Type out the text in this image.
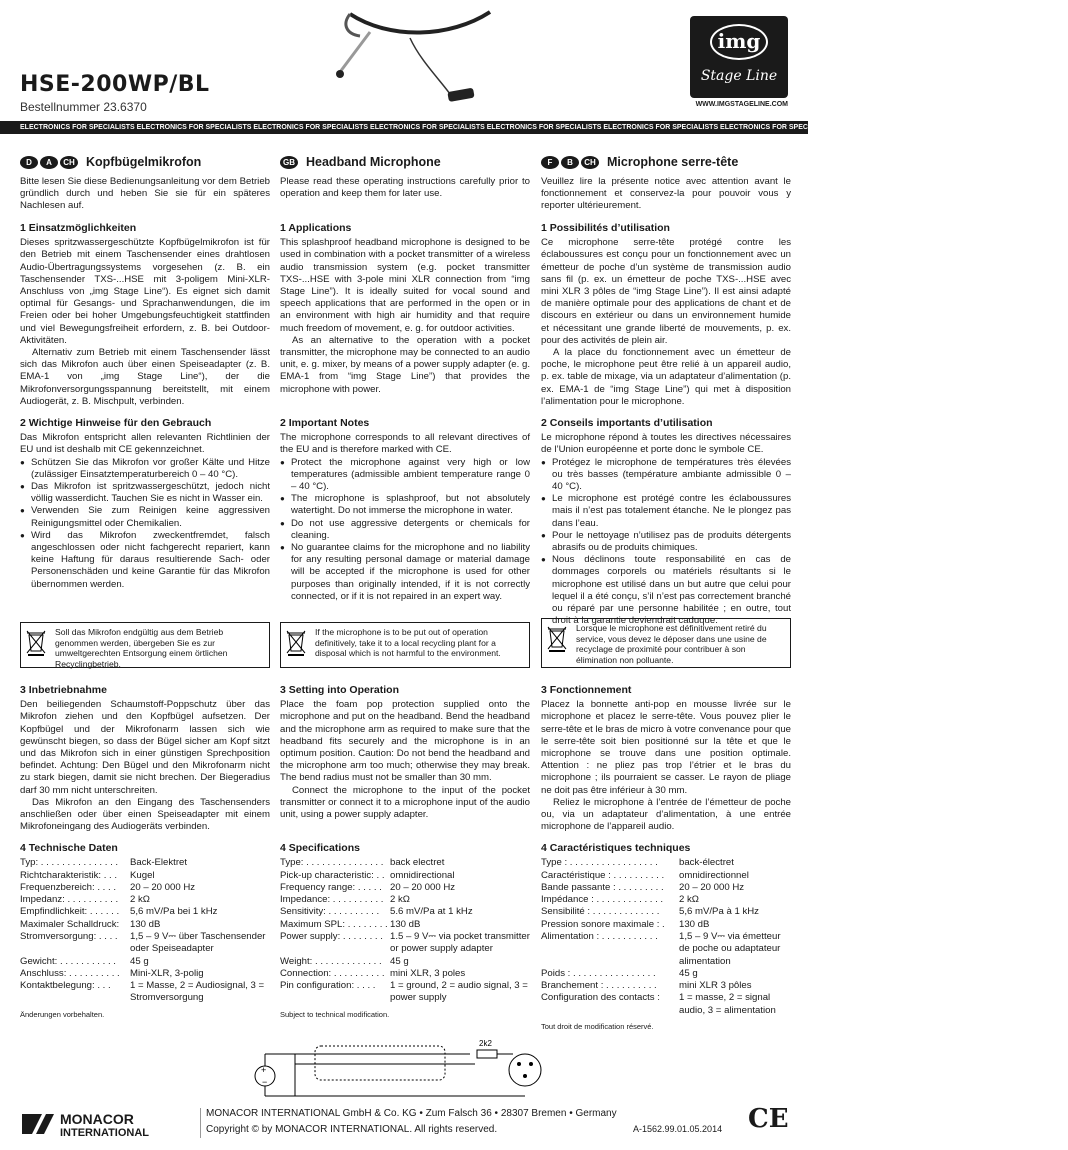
HSE-200WP/BL
Bestellnummer 23.6370
img
Stage Line
WWW.IMGSTAGELINE.COM
ELECTRONICS FOR SPECIALISTS ELECTRONICS FOR SPECIALISTS ELECTRONICS FOR SPECIALISTS ELECTRONICS FOR SPECIALISTS ELECTRONICS FOR SPECIALISTS ELECTRONICS FOR SPECIALISTS ELECTRONICS FOR SPECIALISTS ELECTRONICS FOR SPECIALISTS ELECTRONICS FOR SPECIALISTS
D	A	CH Kopfbügelmikrofon

Bitte lesen Sie diese Bedienungsanleitung vor dem Betrieb gründlich durch und heben Sie sie für ein späteres Nachlesen auf.

1 Einsatzmöglichkeiten

Dieses spritzwassergeschützte Kopfbügelmikrofon ist für den Betrieb mit einem Taschensender eines drahtlosen Audio-Übertragungssystems vorgesehen (z. B. ein Taschensender TXS-...HSE mit 3-poligem Mini-XLR-Anschluss von „img Stage Line“). Es eignet sich damit optimal für Gesangs- und Sprachanwendungen, die im Freien oder bei hoher Umgebungsfeuchtigkeit stattfinden und viel Bewegungsfreiheit erfordern, z. B. bei Outdoor-Aktivitäten.

Alternativ zum Betrieb mit einem Taschensender lässt sich das Mikrofon auch über einen Speiseadapter (z. B. EMA-1 von „img Stage Line“), der die Mikrofonversorgungsspannung bereitstellt, mit einem Audiogerät, z. B. Mischpult, verbinden.

2 Wichtige Hinweise für den Gebrauch

Das Mikrofon entspricht allen relevanten Richtlinien der EU und ist deshalb mit CE gekennzeichnet.

● Schützen Sie das Mikrofon vor großer Kälte und Hitze (zulässiger Einsatztemperaturbereich 0 – 40 °C).
● Das Mikrofon ist spritzwassergeschützt, jedoch nicht völlig wasserdicht. Tauchen Sie es nicht in Wasser ein.
● Verwenden Sie zum Reinigen keine aggressiven Reinigungsmittel oder Chemikalien.
● Wird das Mikrofon zweckentfremdet, falsch angeschlossen oder nicht fachgerecht repariert, kann keine Haftung für daraus resultierende Sach- oder Personenschäden und keine Garantie für das Mikrofon übernommen werden.
Soll das Mikrofon endgültig aus dem Betrieb genommen werden, übergeben Sie es zur umweltgerechten Entsorgung einem örtlichen Recyclingbetrieb.
3 Inbetriebnahme

Den beiliegenden Schaumstoff-Poppschutz über das Mikrofon ziehen und den Kopfbügel aufsetzen. Der Kopfbügel und der Mikrofonarm lassen sich wie gewünscht biegen, so dass der Bügel sicher am Kopf sitzt und das Mikrofon sich in einer günstigen Sprechposition befindet. Achtung: Den Bügel und den Mikrofonarm nicht zu stark biegen, damit sie nicht brechen. Der Biegeradius darf 30 mm nicht unterschreiten.

Das Mikrofon an den Eingang des Taschensenders anschließen oder über einen Speiseadapter mit einem Mikrofoneingang des Audiogeräts verbinden.

4 Technische Daten
Typ: . . . . . . . . . . . . . . .	Back-Elektret
Richtcharakteristik: . . .	Kugel
Frequenzbereich: . . . .	20 – 20 000 Hz
Impedanz: . . . . . . . . . .	2 kΩ
Empfindlichkeit: . . . . . .	5,6 mV/Pa bei 1 kHz
Maximaler Schalldruck:	130 dB
Stromversorgung: . . . .	1,5 – 9 V⎓ über Taschensender oder Speiseadapter
Gewicht: . . . . . . . . . . .	45 g
Anschluss: . . . . . . . . . .	Mini-XLR, 3-polig
Kontaktbelegung: . . .	1 = Masse, 2 = Audiosignal, 3 = Stromversorgung
Änderungen vorbehalten.
GB Headband Microphone

Please read these operating instructions carefully prior to operation and keep them for later use.

1 Applications

This splashproof headband microphone is designed to be used in combination with a pocket transmitter of a wireless audio transmission system (e.g. pocket transmitter TXS-...HSE with 3-pole mini XLR connection from “img Stage Line”). It is ideally suited for vocal sound and speech applications that are performed in the open or in an environment with high air humidity and that require much freedom of movement, e. g. for outdoor activities.

As an alternative to the operation with a pocket transmitter, the microphone may be connected to an audio unit, e. g. mixer, by means of a power supply adapter (e. g. EMA-1 from “img Stage Line”) that provides the microphone with power.

2 Important Notes

The microphone corresponds to all relevant directives of the EU and is therefore marked with CE.

● Protect the microphone against very high or low temperatures (admissible ambient temperature range 0 – 40 °C).
● The microphone is splashproof, but not absolutely watertight. Do not immerse the microphone in water.
● Do not use aggressive detergents or chemicals for cleaning.
● No guarantee claims for the microphone and no liability for any resulting personal damage or material damage will be accepted if the microphone is used for other purposes than originally intended, if it is not correctly connected, or if it is not repaired in an expert way.
If the microphone is to be put out of operation definitively, take it to a local recycling plant for a disposal which is not harmful to the environment.
3 Setting into Operation

Place the foam pop protection supplied onto the microphone and put on the headband. Bend the headband and the microphone arm as required to make sure that the headband fits securely and the microphone is in an optimum position. Caution: Do not bend the headband and the microphone arm too much; otherwise they may break. The bend radius must not be smaller than 30 mm.

Connect the microphone to the input of the pocket transmitter or connect it to a microphone input of the audio unit, using a power supply adapter.

4 Specifications
Type: . . . . . . . . . . . . . . . back electret
Pick-up characteristic: . . omnidirectional
Frequency range: . . . . . 20 – 20 000 Hz
Impedance: . . . . . . . . . . 2 kΩ
Sensitivity: . . . . . . . . . .	5.6 mV/Pa at 1 kHz
Maximum SPL: . . . . . . . . 130 dB
Power supply: . . . . . . . . 1.5 – 9 V⎓ via pocket transmitter or power supply adapter
Weight: . . . . . . . . . . . . . 45 g
Connection: . . . . . . . . . . mini XLR, 3 poles
Pin configuration: . . . .	1 = ground, 2 = audio signal, 3 = power supply
Subject to technical modification.
F	B	CH Microphone serre-tête

Veuillez lire la présente notice avec attention avant le fonctionnement et conservez-la pour pouvoir vous y reporter ultérieurement.

1 Possibilités d’utilisation

Ce microphone serre-tête protégé contre les éclaboussures est conçu pour un fonctionnement avec un émetteur de poche d’un système de transmission audio sans fil (p. ex. un émetteur de poche TXS-...HSE avec mini XLR 3 pôles de “img Stage Line”). Il est ainsi adapté de manière optimale pour des applications de chant et de discours en extérieur ou dans un environnement humide et nécessitant une grande liberté de mouvements, p. ex. pour des activités de plein air.

A la place du fonctionnement avec un émetteur de poche, le microphone peut être relié à un appareil audio, p. ex. table de mixage, via un adaptateur d’alimentation (p. ex. EMA-1 de “img Stage Line”) qui met à disposition l’alimentation pour le microphone.

2 Conseils importants d’utilisation

Le microphone répond à toutes les directives nécessaires de l’Union européenne et porte donc le symbole CE.

● Protégez le microphone de températures très élevées ou très basses (température ambiante admissible 0 – 40 °C).
● Le microphone est protégé contre les éclaboussures mais il n’est pas totalement étanche. Ne le plongez pas dans l’eau.
● Pour le nettoyage n’utilisez pas de produits détergents abrasifs ou de produits chimiques.
● Nous déclinons toute responsabilité en cas de dommages corporels ou matériels résultants si le microphone est utilisé dans un but autre que celui pour lequel il a été conçu, s’il n’est pas correctement branché ou réparé par une personne habilitée ; en outre, tout droit à la garantie deviendrait caduque.
Lorsque le microphone est définitivement retiré du service, vous devez le déposer dans une usine de recyclage de proximité pour contribuer à son élimination non polluante.
3 Fonctionnement

Placez la bonnette anti-pop en mousse livrée sur le microphone et placez le serre-tête. Vous pouvez plier le serre-tête et le bras de micro à votre convenance pour que le serre-tête soit bien positionné sur la tête et que le microphone se trouve dans une position optimale. Attention : ne pliez pas trop l’étrier et le bras du microphone ; ils pourraient se casser. Le rayon de pliage ne doit pas être inférieur à 30 mm.

Reliez le microphone à l’entrée de l’émetteur de poche ou, via un adaptateur d’alimentation, à une entrée microphone de l’appareil audio.

4 Caractéristiques techniques
Type : . . . . . . . . . . . . . . . . .	back-électret
Caractéristique : . . . . . . . . . .	omnidirectionnel
Bande passante : . . . . . . . . .	20 – 20 000 Hz
Impédance : . . . . . . . . . . . . .	2 kΩ
Sensibilité : . . . . . . . . . . . . .	5,6 mV/Pa à 1 kHz
Pression sonore maximale : .	130 dB
Alimentation : . . . . . . . . . . .	1,5 – 9 V⎓ via émetteur de poche ou adaptateur alimentation
Poids : . . . . . . . . . . . . . . . .	45 g
Branchement : . . . . . . . . . .	mini XLR 3 pôles
Configuration des contacts :	1 = masse, 2 = signal audio, 3 = alimentation
Tout droit de modification réservé.
+
−
2k2
MONACOR
INTERNATIONAL
MONACOR INTERNATIONAL GmbH & Co. KG • Zum Falsch 36 • 28307 Bremen • Germany
Copyright © by MONACOR INTERNATIONAL. All rights reserved.	A-1562.99.01.05.2014 CE
